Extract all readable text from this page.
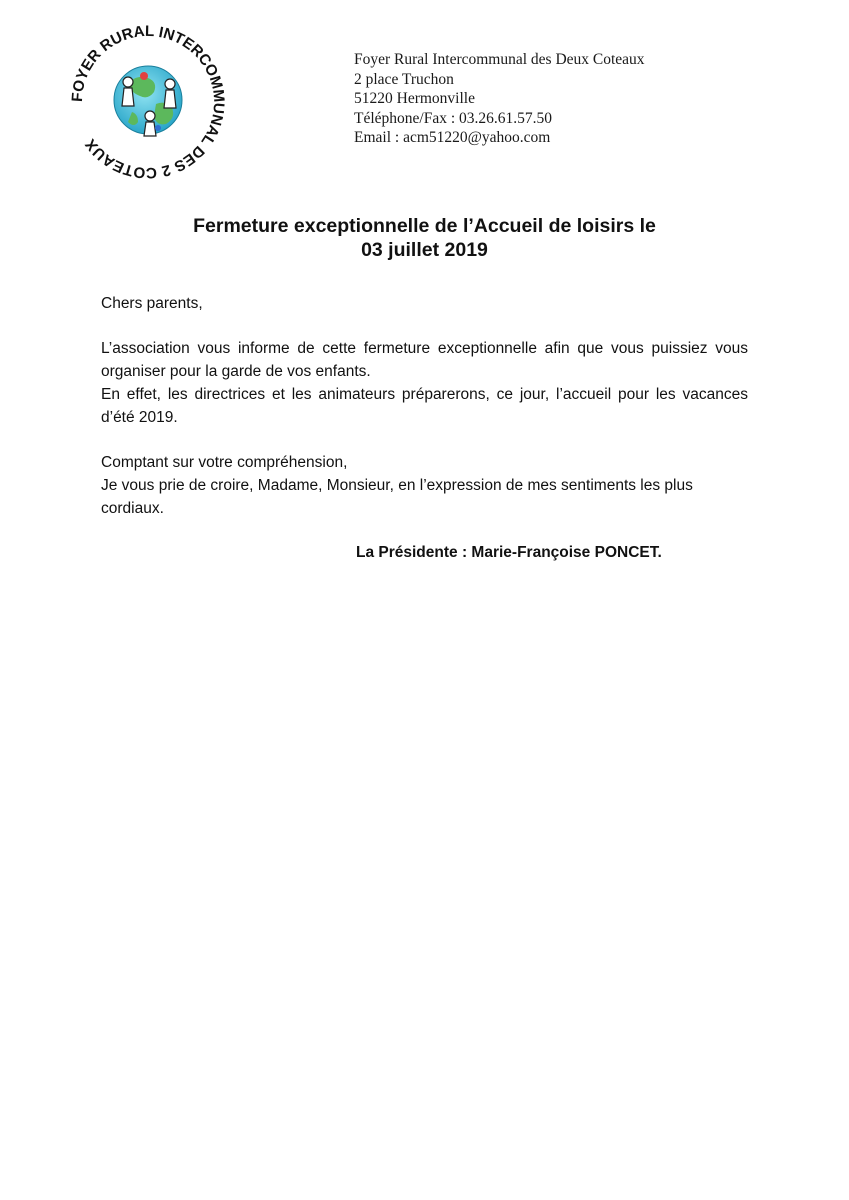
FOYER RURAL INTERCOMMUNAL DES 2 COTEAUX
Foyer Rural Intercommunal des Deux Coteaux
2 place Truchon
51220 Hermonville
Téléphone/Fax : 03.26.61.57.50
Email : acm51220@yahoo.com
Fermeture exceptionnelle de l’Accueil de loisirs le
03 juillet 2019
Chers parents,
L’association vous informe de cette fermeture exceptionnelle afin que vous puissiez vous organiser pour la garde de vos enfants.
En effet, les directrices et les animateurs préparerons, ce jour, l’accueil pour les vacances d’été 2019.
Comptant sur votre compréhension,
Je vous prie de croire, Madame, Monsieur, en l’expression de mes sentiments les plus cordiaux.
La Présidente : Marie-Françoise PONCET.
